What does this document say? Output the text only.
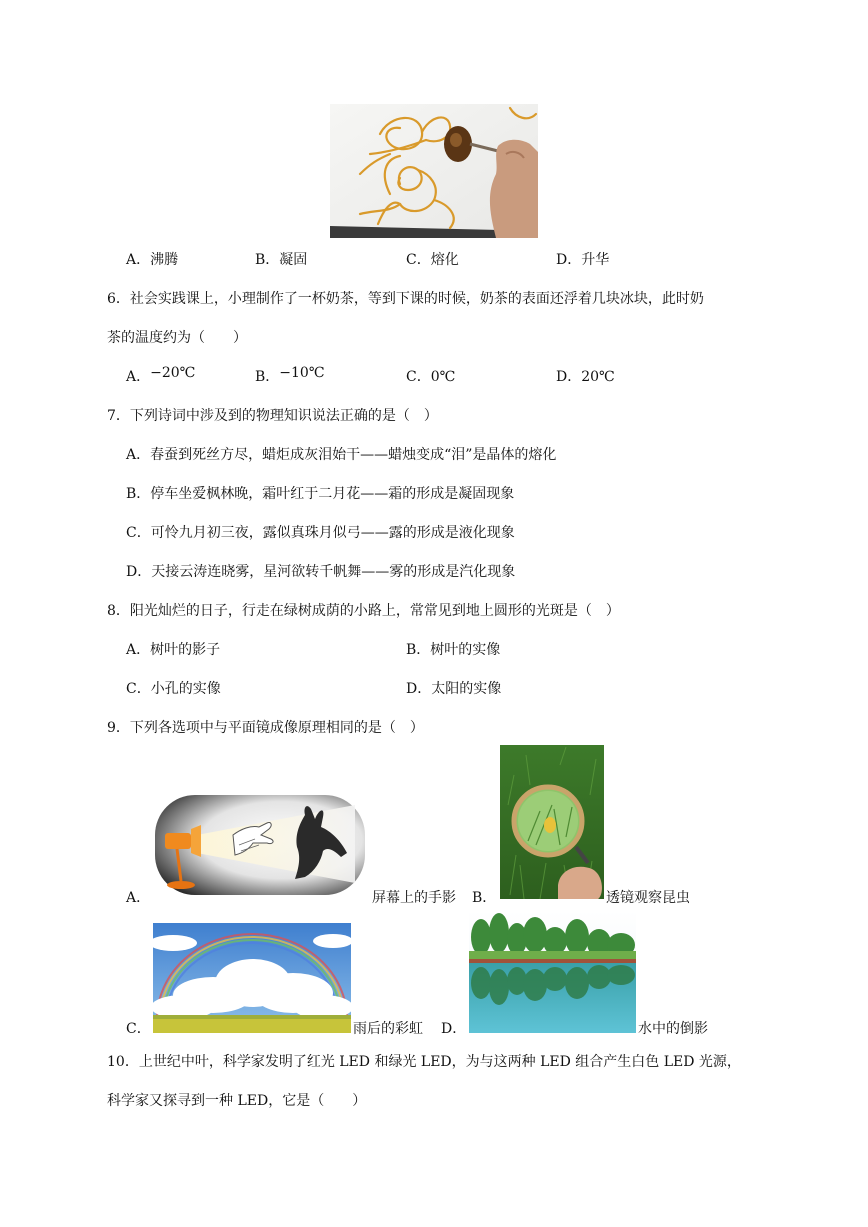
A．沸腾	B．凝固	C．熔化	D．升华
6．社会实践课上，小理制作了一杯奶茶，等到下课的时候，奶茶的表面还浮着几块冰块，此时奶
茶的温度约为（　　）
A．−20℃	B．−10℃	C．0℃	D．20℃
7．下列诗词中涉及到的物理知识说法正确的是（　）
A．春蚕到死丝方尽，蜡炬成灰泪始干——蜡烛变成“泪”是晶体的熔化
B．停车坐爱枫林晚，霜叶红于二月花——霜的形成是凝固现象
C．可怜九月初三夜，露似真珠月似弓——露的形成是液化现象
D．天接云涛连晓雾，星河欲转千帆舞——雾的形成是汽化现象
8．阳光灿烂的日子，行走在绿树成荫的小路上，常常见到地上圆形的光斑是（　）
A．树叶的影子	B．树叶的实像
C．小孔的实像	D．太阳的实像
9．下列各选项中与平面镜成像原理相同的是（　）
A．	屏幕上的手影 B．	透镜观察昆虫
C．	雨后的彩虹 D．	水中的倒影
10．上世纪中叶，科学家发明了红光 LED 和绿光 LED，为与这两种 LED 组合产生白色 LED 光源，
科学家又探寻到一种 LED，它是（　　）
